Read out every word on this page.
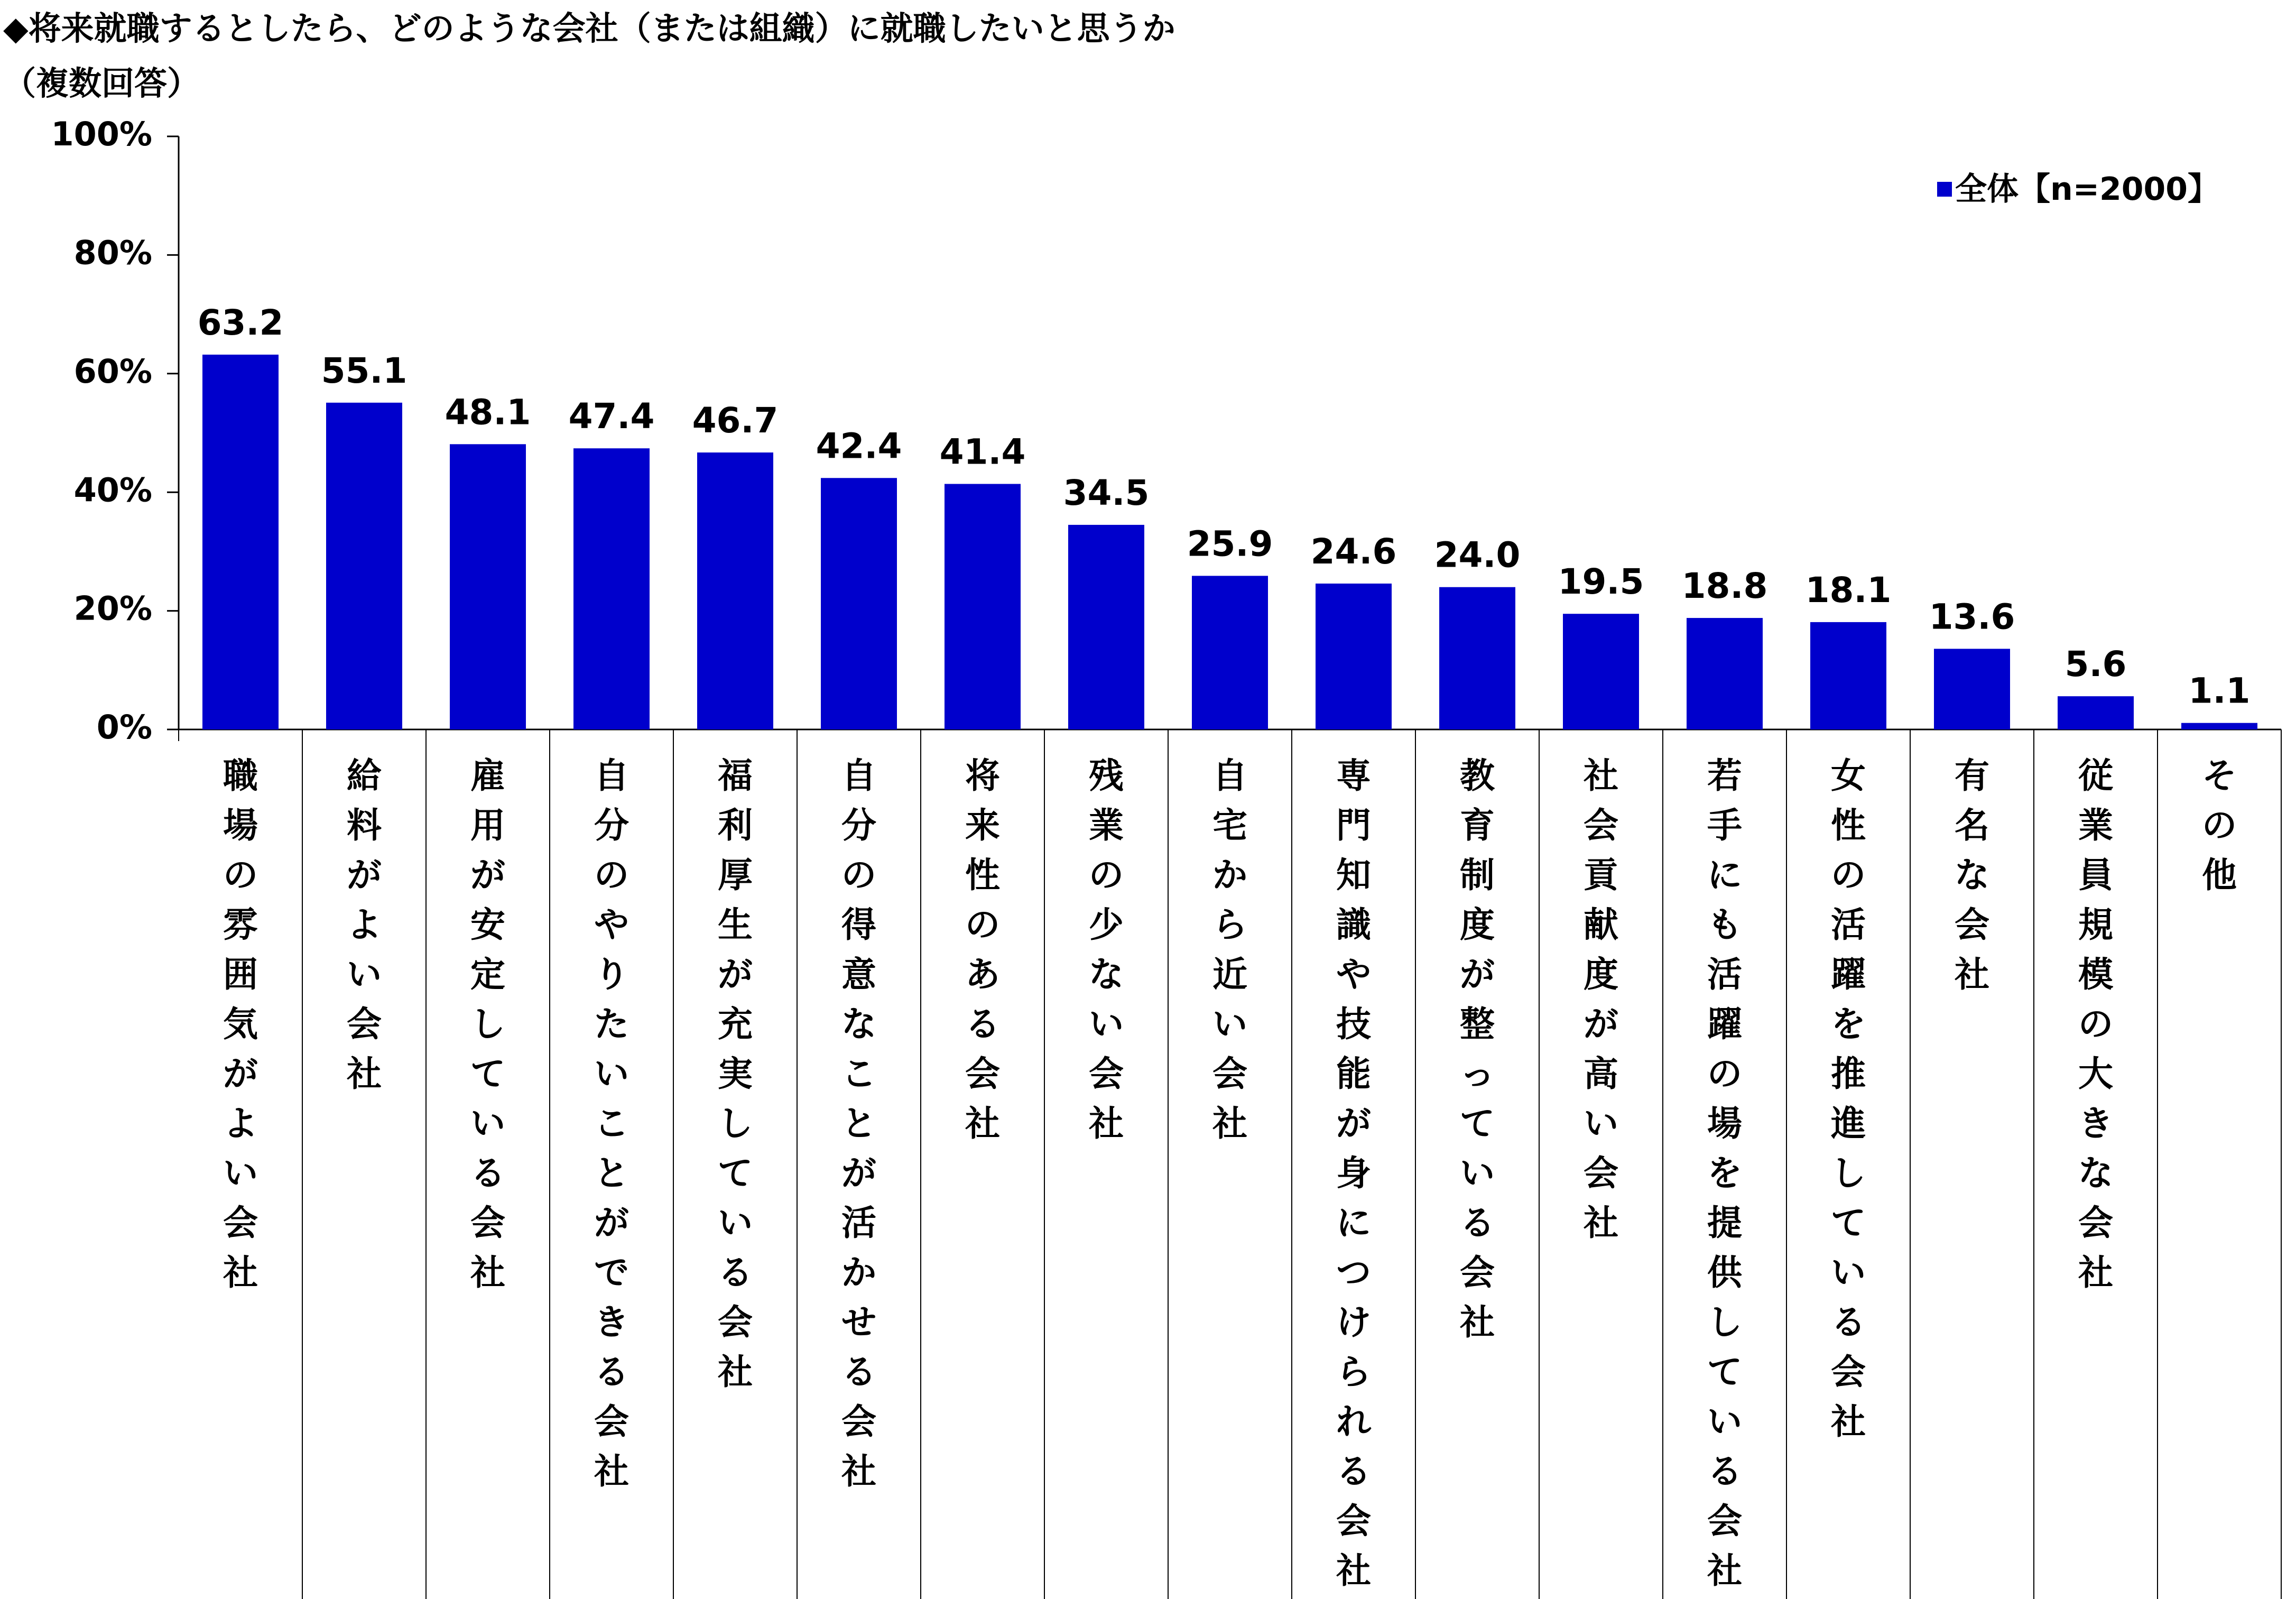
◆将来就職するとしたら、どのような会社（または組織）に就職したいと思うか
（複数回答）
0%
20%
40%
60%
80%
100%
63.2
職場の雰囲気がよい会社
55.1
給料がよい会社
48.1
雇用が安定している会社
47.4
自分のやりたいことができる会社
46.7
福利厚生が充実している会社
42.4
自分の得意なことが活かせる会社
41.4
将来性のある会社
34.5
残業の少ない会社
25.9
自宅から近い会社
24.6
専門知識や技能が身につけられる会社
24.0
教育制度が整っている会社
19.5
社会貢献度が高い会社
18.8
若手にも活躍の場を提供している会社
18.1
女性の活躍を推進している会社
13.6
有名な会社
5.6
従業員規模の大きな会社
1.1
その他
全体【n=2000】
